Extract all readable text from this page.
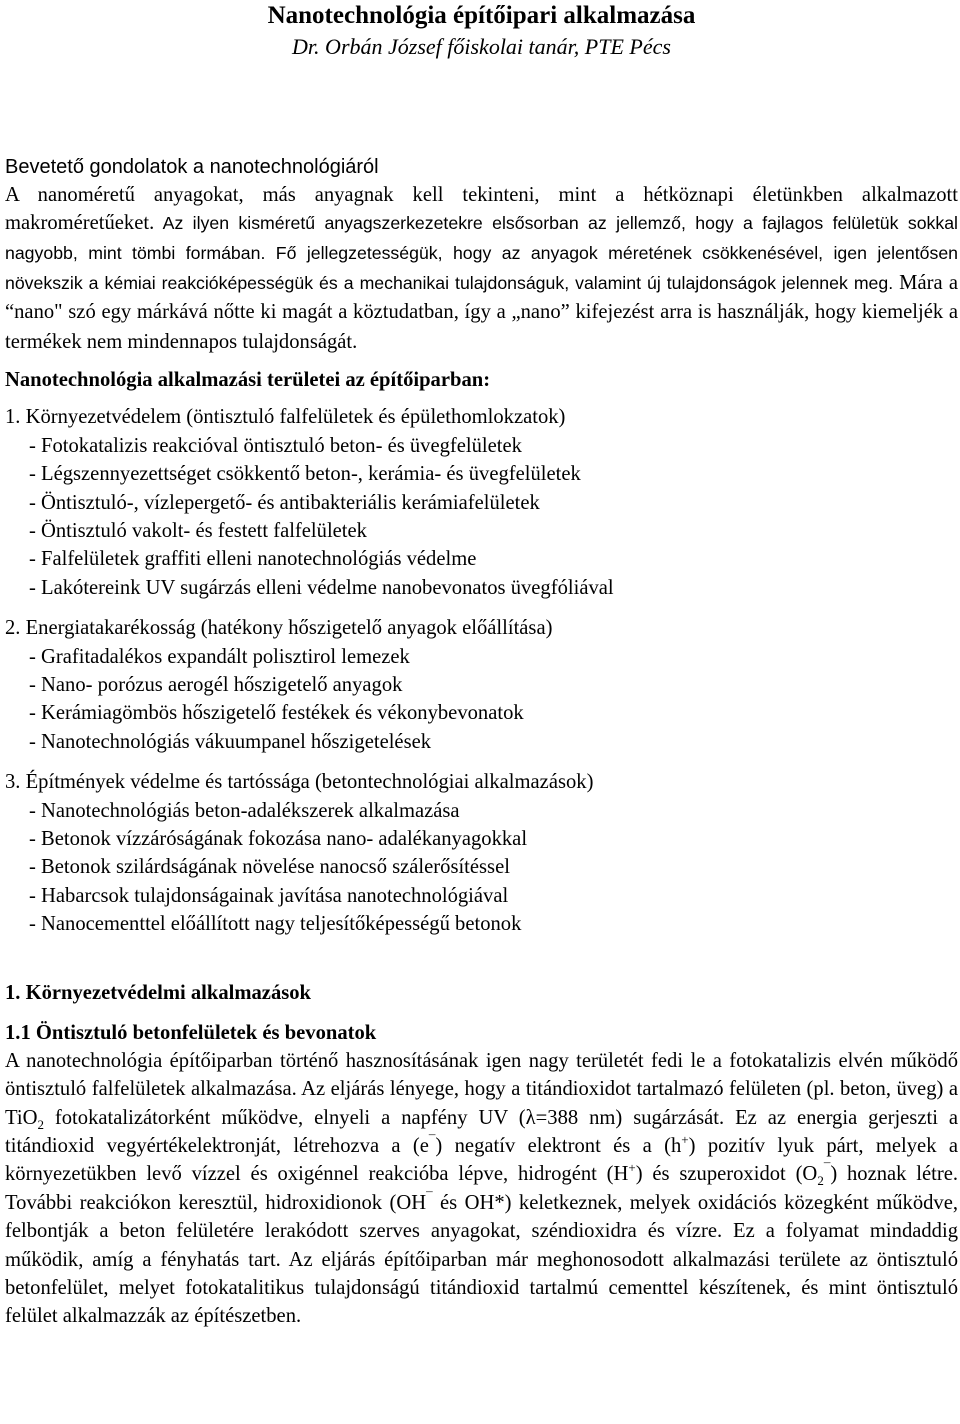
Nanotechnológia építőipari alkalmazása
Dr. Orbán József főiskolai tanár, PTE Pécs
Bevetető gondolatok a nanotechnológiáról
A nanoméretű anyagokat, más anyagnak kell tekinteni, mint a hétköznapi életünkben alkalmazott

makroméretűeket. Az ilyen kisméretű anyagszerkezetekre elsősorban az jellemző, hogy a fajlagos felületük sokkal nagyobb, mint tömbi formában. Fő jellegzetességük, hogy az anyagok méretének csökkenésével, igen jelentősen növekszik a kémiai reakcióképességük és a mechanikai tulajdonságuk, valamint új tulajdonságok jelennek meg. Mára a “nano" szó egy márkává nőtte ki magát a köztudatban, így a „nano” kifejezést arra is használják, hogy kiemeljék a termékek nem mindennapos tulajdonságát.

Nanotechnológia alkalmazási területei az építőiparban:
1. Környezetvédelem (öntisztuló falfelületek és épülethomlokzatok)
- Fotokatalizis reakcióval öntisztuló beton- és üvegfelületek
- Légszennyezettséget csökkentő beton-, kerámia- és üvegfelületek
- Öntisztuló-, vízlepergető- és antibakteriális kerámiafelületek
- Öntisztuló vakolt- és festett falfelületek
- Falfelületek graffiti elleni nanotechnológiás védelme
- Lakótereink UV sugárzás elleni védelme nanobevonatos üvegfóliával
2. Energiatakarékosság (hatékony hőszigetelő anyagok előállítása)
- Grafitadalékos expandált polisztirol lemezek
- Nano- porózus aerogél hőszigetelő anyagok
- Kerámiagömbös hőszigetelő festékek és vékonybevonatok
- Nanotechnológiás vákuumpanel hőszigetelések
3. Építmények védelme és tartóssága (betontechnológiai alkalmazások)
- Nanotechnológiás beton-adalékszerek alkalmazása
- Betonok vízzáróságának fokozása nano- adalékanyagokkal
- Betonok szilárdságának növelése nanocső szálerősítéssel
- Habarcsok tulajdonságainak javítása nanotechnológiával
- Nanocementtel előállított nagy teljesítőképességű betonok
1. Környezetvédelmi alkalmazások
1.1 Öntisztuló betonfelületek és bevonatok

A nanotechnológia építőiparban történő hasznosításának igen nagy területét fedi le a fotokatalizis elvén működő öntisztuló falfelületek alkalmazása. Az eljárás lényege, hogy a titándioxidot tartalmazó felületen (pl. beton, üveg) a TiO$_2$ fotokatalizátorként működve, elnyeli a napfény UV (λ=388 nm) sugárzását. Ez az energia gerjeszti a titándioxid vegyértékelektronját, létrehozva a (e¯) negatív elektront és a (h+) pozitív lyuk párt, melyek a környezetükben levő vízzel és oxigénnel reakcióba lépve, hidrogént (H+) és szuperoxidot $(O_2^¯)$ hoznak létre. További reakciókon keresztül, hidroxidionok (OH¯ és OH*) keletkeznek, melyek oxidációs közegként működve, felbontják a beton felületére lerakódott szerves anyagokat, széndioxidra és vízre. Ez a folyamat mindaddig működik, amíg a fényhatás tart. Az eljárás építőiparban már meghonosodott alkalmazási területe az öntisztuló betonfelület, melyet fotokatalitikus tulajdonságú titándioxid tartalmú cementtel készítenek, és mint öntisztuló felület alkalmazzák az építészetben.
